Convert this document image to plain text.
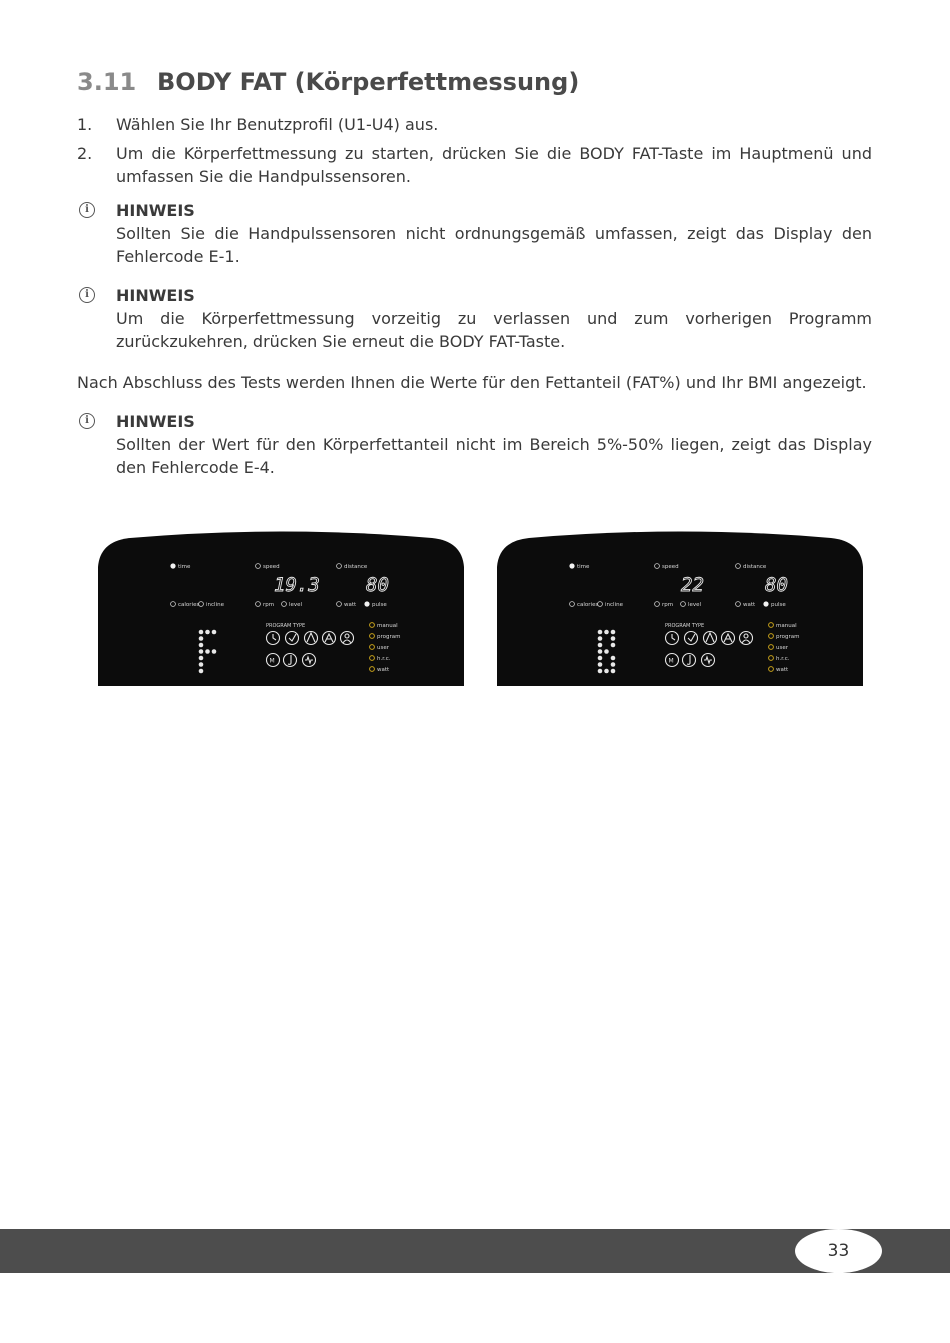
3.11 BODY FAT (Körperfettmessung)
1. Wählen Sie Ihr Benutzprofil (U1-U4) aus.
2. Um die Körperfettmessung zu starten, drücken Sie die BODY FAT-Taste im Hauptmenü und umfassen Sie die Handpulssensoren.
i	HINWEIS
Sollten Sie die Handpulssensoren nicht ordnungsgemäß umfassen, zeigt das Display den Fehlercode E-1.
i	HINWEIS
Um die Körperfettmessung vorzeitig zu verlassen und zum vorherigen Programm zurückzukehren, drücken Sie erneut die BODY FAT-Taste.
Nach Abschluss des Tests werden Ihnen die Werte für den Fettanteil (FAT%) und Ihr BMI angezeigt.
i	HINWEIS
Sollten der Wert für den Körperfettanteil nicht im Bereich 5%-50% liegen, zeigt das Display den Fehlercode E-4.
time	speed	distance
calories incline	rpm	level	watt	pulse
PROGRAM TYPE
19.3 80
M
manual
program
user
h.r.c.
watt
time	speed	distance
calories incline	rpm	level	watt	pulse
PROGRAM TYPE
22	80
M
manual
program
user
h.r.c.
watt
33
